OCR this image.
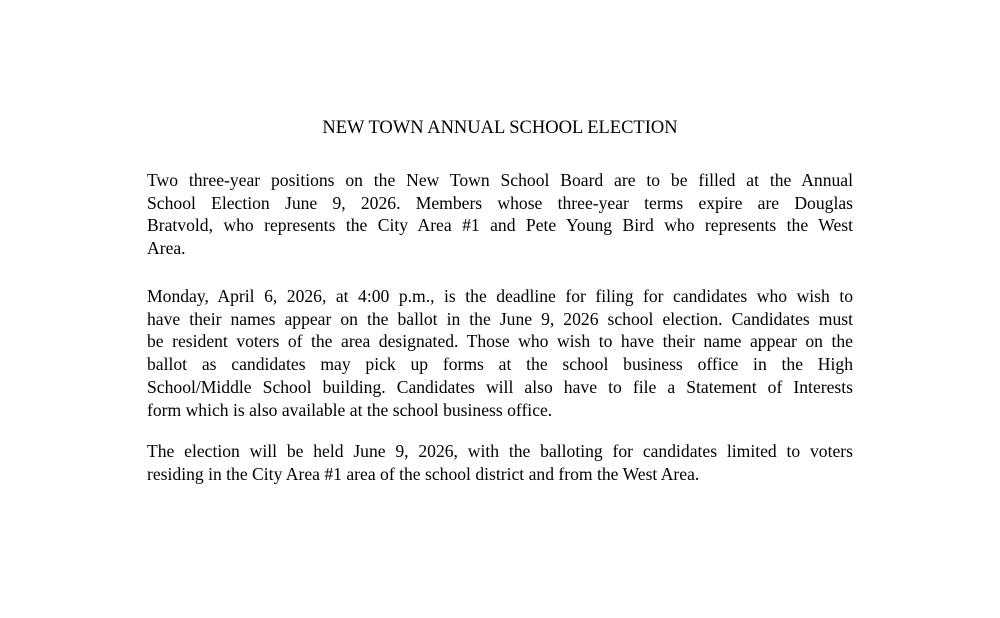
NEW TOWN ANNUAL SCHOOL ELECTION
Two three-year positions on the New Town School Board are to be filled at the Annual
School Election June 9, 2026. Members whose three-year terms expire are Douglas
Bratvold, who represents the City Area #1 and Pete Young Bird who represents the West
Area.
Monday, April 6, 2026, at 4:00 p.m., is the deadline for filing for candidates who wish to
have their names appear on the ballot in the June 9, 2026 school election. Candidates must
be resident voters of the area designated. Those who wish to have their name appear on the
ballot as candidates may pick up forms at the school business office in the High
School/Middle School building. Candidates will also have to file a Statement of Interests
form which is also available at the school business office.
The election will be held June 9, 2026, with the balloting for candidates limited to voters
residing in the City Area #1 area of the school district and from the West Area.
